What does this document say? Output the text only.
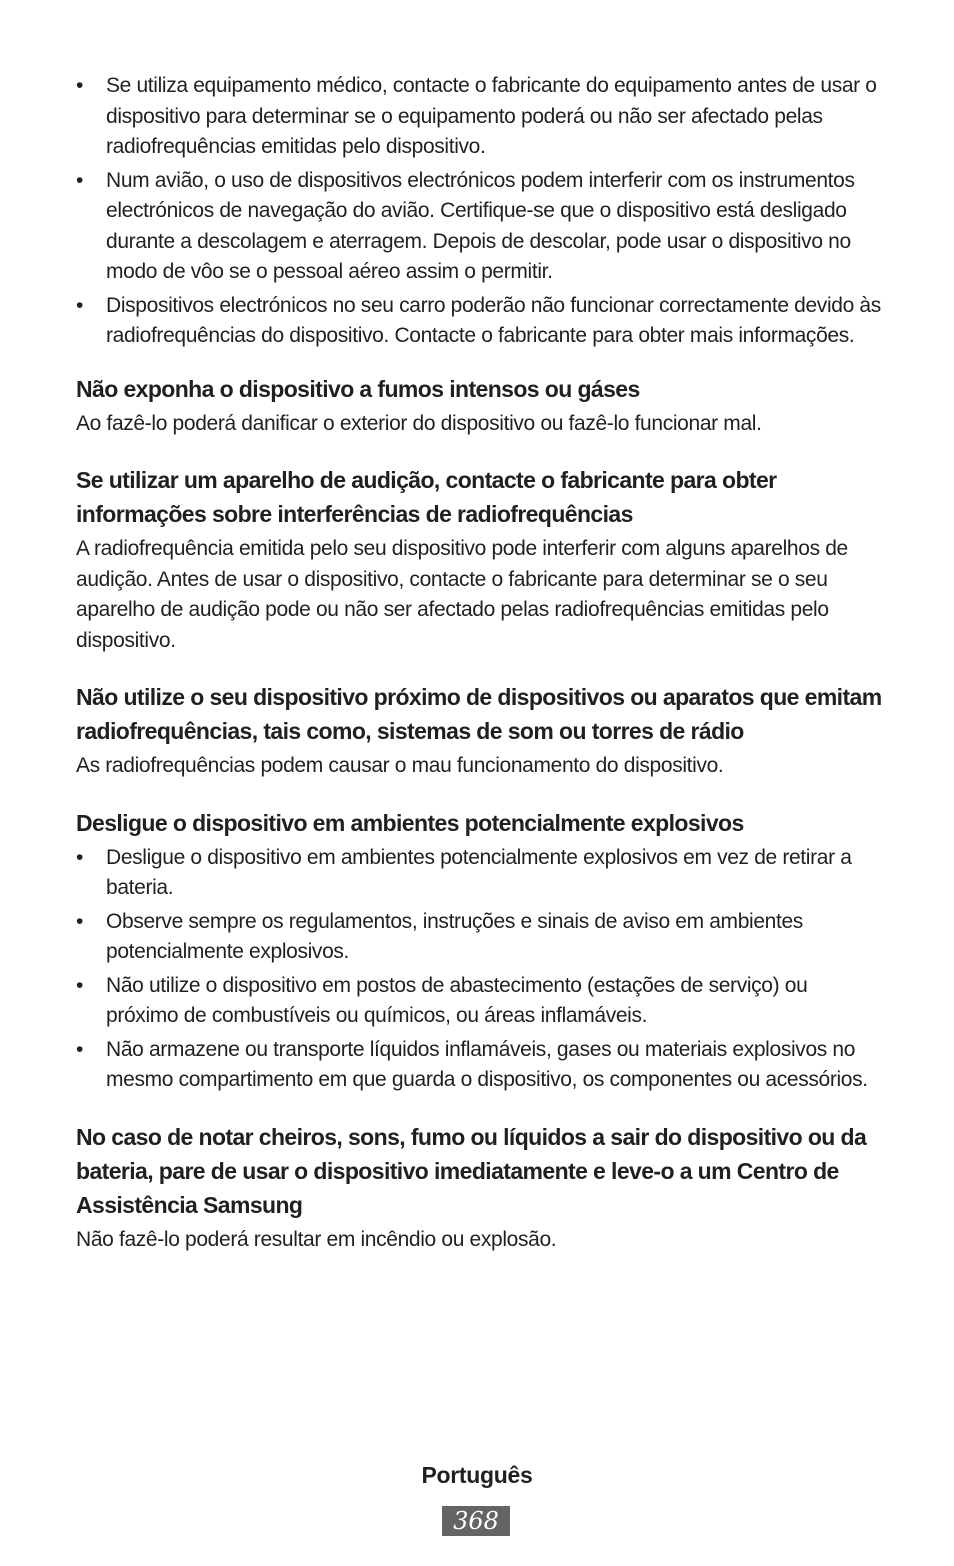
• Se utiliza equipamento médico, contacte o fabricante do equipamento antes de usar o dispositivo para determinar se o equipamento poderá ou não ser afectado pelas radiofrequências emitidas pelo dispositivo.
• Num avião, o uso de dispositivos electrónicos podem interferir com os instrumentos electrónicos de navegação do avião. Certifique-se que o dispositivo está desligado durante a descolagem e aterragem. Depois de descolar, pode usar o dispositivo no modo de vôo se o pessoal aéreo assim o permitir.
• Dispositivos electrónicos no seu carro poderão não funcionar correctamente devido às radiofrequências do dispositivo. Contacte o fabricante para obter mais informações.
Não exponha o dispositivo a fumos intensos ou gáses

Ao fazê-lo poderá danificar o exterior do dispositivo ou fazê-lo funcionar mal.

Se utilizar um aparelho de audição, contacte o fabricante para obter informações sobre interferências de radiofrequências

A radiofrequência emitida pelo seu dispositivo pode interferir com alguns aparelhos de audição. Antes de usar o dispositivo, contacte o fabricante para determinar se o seu aparelho de audição pode ou não ser afectado pelas radiofrequências emitidas pelo dispositivo.

Não utilize o seu dispositivo próximo de dispositivos ou aparatos que emitam radiofrequências, tais como, sistemas de som ou torres de rádio

As radiofrequências podem causar o mau funcionamento do dispositivo.

Desligue o dispositivo em ambientes potencialmente explosivos
• Desligue o dispositivo em ambientes potencialmente explosivos em vez de retirar a bateria.
• Observe sempre os regulamentos, instruções e sinais de aviso em ambientes potencialmente explosivos.
• Não utilize o dispositivo em postos de abastecimento (estações de serviço) ou próximo de combustíveis ou químicos, ou áreas inflamáveis.
• Não armazene ou transporte líquidos inflamáveis, gases ou materiais explosivos no mesmo compartimento em que guarda o dispositivo, os componentes ou acessórios.
No caso de notar cheiros, sons, fumo ou líquidos a sair do dispositivo ou da bateria, pare de usar o dispositivo imediatamente e leve-o a um Centro de Assistência Samsung

Não fazê-lo poderá resultar em incêndio ou explosão.

Português
368
